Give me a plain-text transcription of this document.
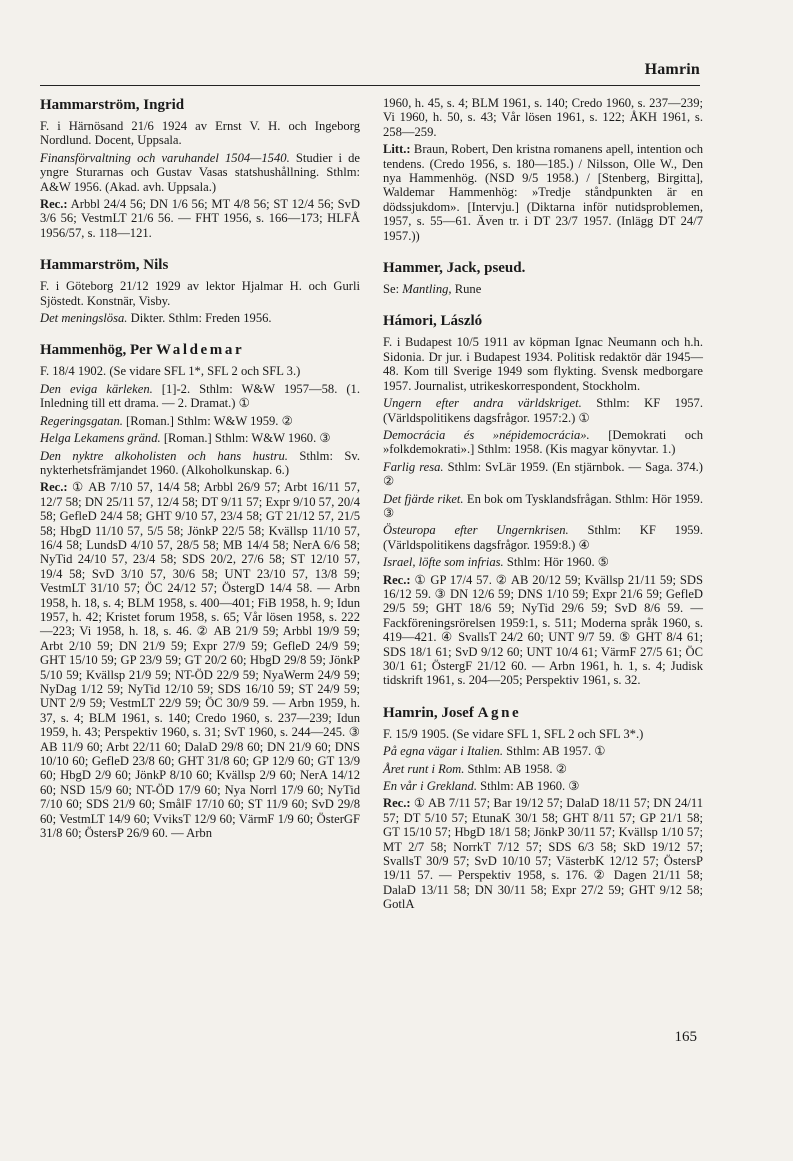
Hamrin
Hammarström, Ingrid

F. i Härnösand 21/6 1924 av Ernst V. H. och Ingeborg Nordlund. Docent, Uppsala.

Finansförvaltning och varuhandel 1504—1540. Studier i de yngre Sturarnas och Gustav Vasas statshushållning. Sthlm: A&W 1956. (Akad. avh. Uppsala.)

Rec.: Arbbl 24/4 56; DN 1/6 56; MT 4/8 56; ST 12/4 56; SvD 3/6 56; VestmLT 21/6 56. — FHT 1956, s. 166—173; HLFÅ 1956/57, s. 118—121.

Hammarström, Nils

F. i Göteborg 21/12 1929 av lektor Hjalmar H. och Gurli Sjöstedt. Konstnär, Visby.

Det meningslösa. Dikter. Sthlm: Freden 1956.

Hammenhög, Per Waldemar

F. 18/4 1902. (Se vidare SFL 1*, SFL 2 och SFL 3.)

Den eviga kärleken. [1]-2. Sthlm: W&W 1957—58. (1. Inledning till ett drama. — 2. Dramat.) ①

Regeringsgatan. [Roman.] Sthlm: W&W 1959. ②

Helga Lekamens gränd. [Roman.] Sthlm: W&W 1960. ③

Den nyktre alkoholisten och hans hustru. Sthlm: Sv. nykterhetsfrämjandet 1960. (Alkoholkunskap. 6.)

Rec.: ① AB 7/10 57, 14/4 58; Arbbl 26/9 57; Arbt 16/11 57, 12/7 58; DN 25/11 57, 12/4 58; DT 9/11 57; Expr 9/10 57, 20/4 58; GefleD 24/4 58; GHT 9/10 57, 23/4 58; GT 21/12 57, 21/5 58; HbgD 11/10 57, 5/5 58; JönkP 22/5 58; Kvällsp 11/10 57, 16/4 58; LundsD 4/10 57, 28/5 58; MB 14/4 58; NerA 6/6 58; NyTid 24/10 57, 23/4 58; SDS 20/2, 27/6 58; ST 12/10 57, 19/4 58; SvD 3/10 57, 30/6 58; UNT 23/10 57, 13/8 59; VestmLT 31/10 57; ÖC 24/12 57; ÖstergD 14/4 58. — Arbn 1958, h. 18, s. 4; BLM 1958, s. 400—401; FiB 1958, h. 9; Idun 1957, h. 42; Kristet forum 1958, s. 65; Vår lösen 1958, s. 222—223; Vi 1958, h. 18, s. 46. ② AB 21/9 59; Arbbl 19/9 59; Arbt 2/10 59; DN 21/9 59; Expr 27/9 59; GefleD 24/9 59; GHT 15/10 59; GP 23/9 59; GT 20/2 60; HbgD 29/8 59; JönkP 5/10 59; Kvällsp 21/9 59; NT-ÖD 22/9 59; NyaWerm 24/9 59; NyDag 1/12 59; NyTid 12/10 59; SDS 16/10 59; ST 24/9 59; UNT 2/9 59; VestmLT 22/9 59; ÖC 30/9 59. — Arbn 1959, h. 37, s. 4; BLM 1961, s. 140; Credo 1960, s. 237—239; Idun 1959, h. 43; Perspektiv 1960, s. 31; SvT 1960, s. 244—245. ③ AB 11/9 60; Arbt 22/11 60; DalaD 29/8 60; DN 21/9 60; DNS 10/10 60; GefleD 23/8 60; GHT 31/8 60; GP 12/9 60; GT 13/9 60; HbgD 2/9 60; JönkP 8/10 60; Kvällsp 2/9 60; NerA 14/12 60; NSD 15/9 60; NT-ÖD 17/9 60; Nya Norrl 17/9 60; NyTid 7/10 60; SDS 21/9 60; SmålF 17/10 60; ST 11/9 60; SvD 29/8 60; VestmLT 14/9 60; VviksT 12/9 60; VärmF 1/9 60; ÖsterGF 31/8 60; ÖstersP 26/9 60. — Arbn

1960, h. 45, s. 4; BLM 1961, s. 140; Credo 1960, s. 237—239; Vi 1960, h. 50, s. 43; Vår lösen 1961, s. 122; ÅKH 1961, s. 258—259.

Litt.: Braun, Robert, Den kristna romanens apell, intention och tendens. (Credo 1956, s. 180—185.) / Nilsson, Olle W., Den nya Hammenhög. (NSD 9/5 1958.) / [Stenberg, Birgitta], Waldemar Hammenhög: »Tredje ståndpunkten är en dödssjukdom». [Intervju.] (Diktarna inför nutidsproblemen, 1957, s. 55—61. Även tr. i DT 23/7 1957. (Inlägg DT 24/7 1957.))

Hammer, Jack, pseud.

Se: Mantling, Rune

Hámori, László

F. i Budapest 10/5 1911 av köpman Ignac Neumann och h.h. Sidonia. Dr jur. i Budapest 1934. Politisk redaktör där 1945—48. Kom till Sverige 1949 som flykting. Svensk medborgare 1957. Journalist, utrikeskorrespondent, Stockholm.

Ungern efter andra världskriget. Sthlm: KF 1957. (Världspolitikens dagsfrågor. 1957:2.) ①

Democrácia és »népidemocrácia». [Demokrati och »folkdemokrati».] Sthlm: 1958. (Kis magyar könyvtar. 1.)

Farlig resa. Sthlm: SvLär 1959. (En stjärnbok. — Saga. 374.) ②

Det fjärde riket. En bok om Tysklandsfrågan. Sthlm: Hör 1959. ③

Östeuropa efter Ungernkrisen. Sthlm: KF 1959. (Världspolitikens dagsfrågor. 1959:8.) ④

Israel, löfte som infrias. Sthlm: Hör 1960. ⑤

Rec.: ① GP 17/4 57. ② AB 20/12 59; Kvällsp 21/11 59; SDS 16/12 59. ③ DN 12/6 59; DNS 1/10 59; Expr 21/6 59; GefleD 29/5 59; GHT 18/6 59; NyTid 29/6 59; SvD 8/6 59. — Fackföreningsrörelsen 1959:1, s. 511; Moderna språk 1960, s. 419—421. ④ SvallsT 24/2 60; UNT 9/7 59. ⑤ GHT 8/4 61; SDS 18/1 61; SvD 9/12 60; UNT 10/4 61; VärmF 27/5 61; ÖC 30/1 61; ÖstergF 21/12 60. — Arbn 1961, h. 1, s. 4; Judisk tidskrift 1961, s. 204—205; Perspektiv 1961, s. 32.

Hamrin, Josef Agne

F. 15/9 1905. (Se vidare SFL 1, SFL 2 och SFL 3*.)

På egna vägar i Italien. Sthlm: AB 1957. ①

Året runt i Rom. Sthlm: AB 1958. ②

En vår i Grekland. Sthlm: AB 1960. ③

Rec.: ① AB 7/11 57; Bar 19/12 57; DalaD 18/11 57; DN 24/11 57; DT 5/10 57; EtunaK 30/1 58; GHT 8/11 57; GP 21/1 58; GT 15/10 57; HbgD 18/1 58; JönkP 30/11 57; Kvällsp 1/10 57; MT 2/7 58; NorrkT 7/12 57; SDS 6/3 58; SkD 19/12 57; SvallsT 30/9 57; SvD 10/10 57; VästerbK 12/12 57; ÖstersP 19/11 57. — Perspektiv 1958, s. 176. ② Dagen 21/11 58; DalaD 13/11 58; DN 30/11 58; Expr 27/2 59; GHT 9/12 58; GotlA

165
